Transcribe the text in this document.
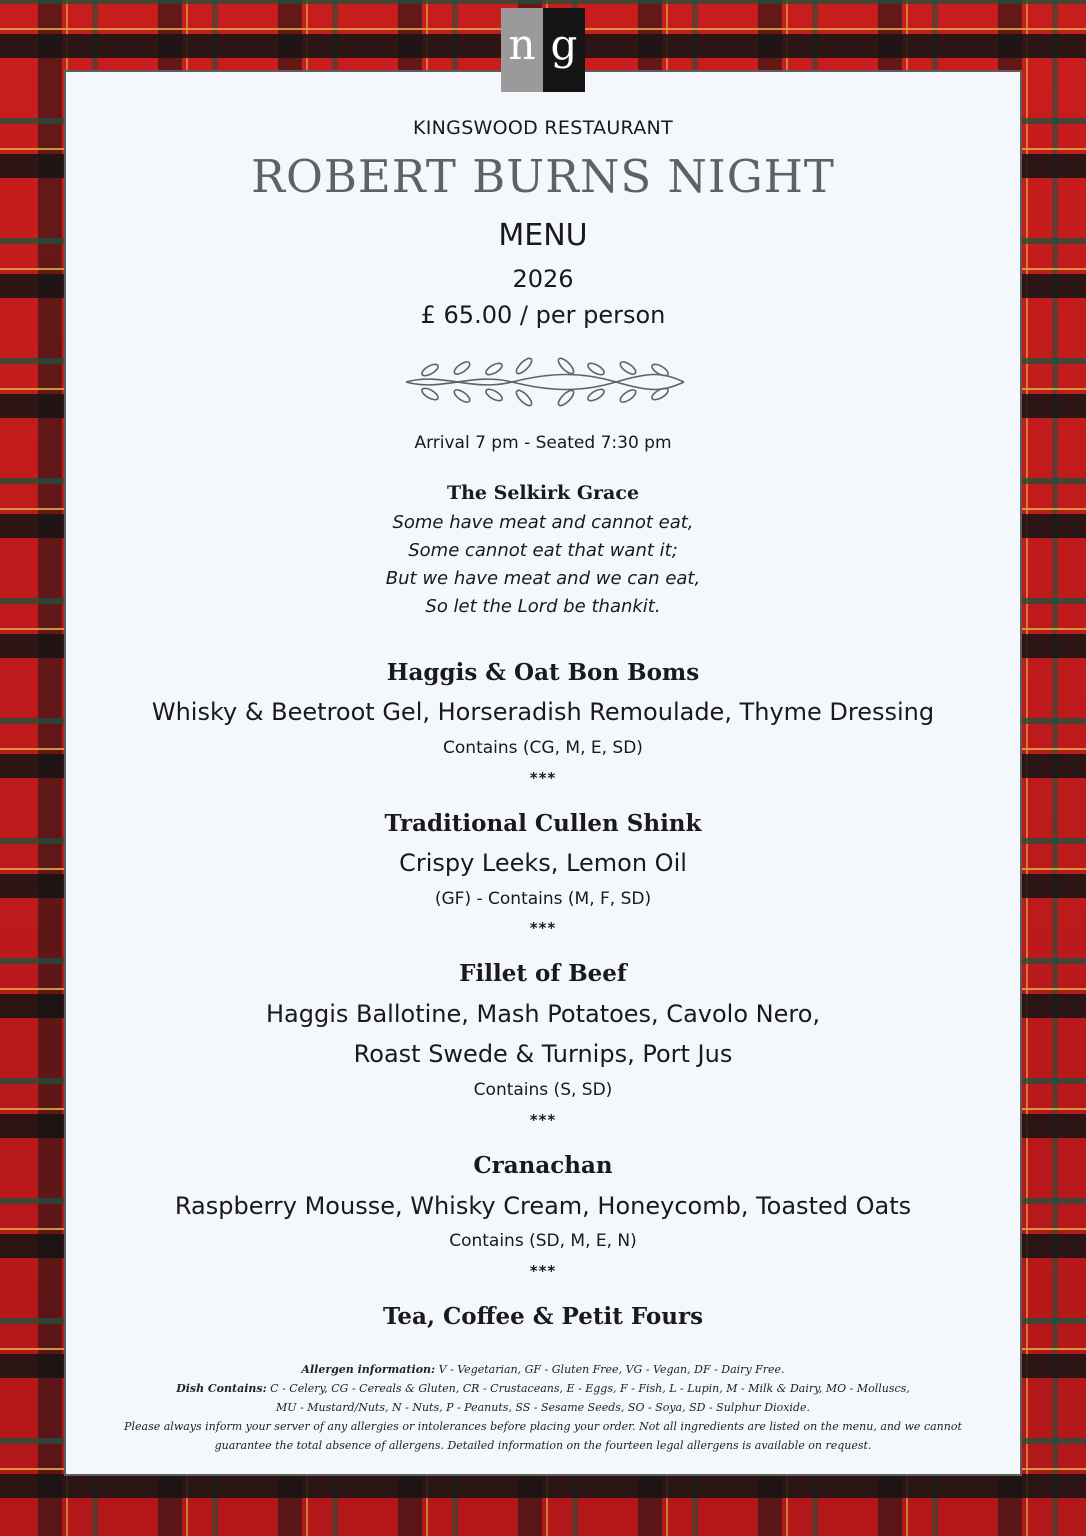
KINGSWOOD RESTAURANT

ROBERT BURNS NIGHT

MENU

2026

£ 65.00 / per person

Arrival 7 pm - Seated 7:30 pm

The Selkirk Grace

Some have meat and cannot eat,

Some cannot eat that want it;

But we have meat and we can eat,

So let the Lord be thankit.

Haggis & Oat Bon Boms

Whisky & Beetroot Gel, Horseradish Remoulade, Thyme Dressing

Contains (CG, M, E, SD)

***

Traditional Cullen Shink

Crispy Leeks, Lemon Oil

(GF) - Contains (M, F, SD)

***

Fillet of Beef

Haggis Ballotine, Mash Potatoes, Cavolo Nero,

Roast Swede & Turnips, Port Jus

Contains (S, SD)

***

Cranachan

Raspberry Mousse, Whisky Cream, Honeycomb, Toasted Oats

Contains (SD, M, E, N)

***

Tea, Coffee & Petit Fours

Allergen information: V - Vegetarian, GF - Gluten Free, VG - Vegan, DF - Dairy Free.
Dish Contains: C - Celery, CG - Cereals & Gluten, CR - Crustaceans, E - Eggs, F - Fish, L - Lupin, M - Milk & Dairy, MO - Molluscs,
MU - Mustard/Nuts, N - Nuts, P - Peanuts, SS - Sesame Seeds, SO - Soya, SD - Sulphur Dioxide.
Please always inform your server of any allergies or intolerances before placing your order. Not all ingredients are listed on the menu, and we cannot
guarantee the total absence of allergens. Detailed information on the fourteen legal allergens is available on request.
n g
